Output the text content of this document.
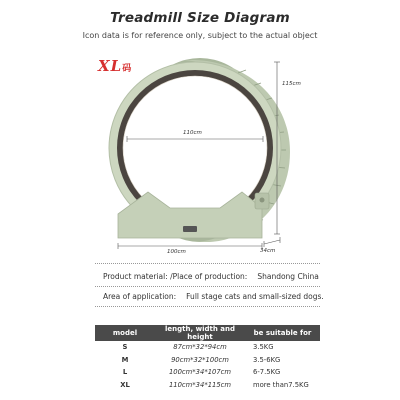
Treadmill Size Diagram
Icon data is for reference only, subject to the actual object
XL码
110cm
115cm
100cm	34cm
Product material: /Place of production: Shandong China
Area of application: Full stage cats and small-sized dogs.
model	length, width and height	be suitable for
S	87cm*32*94cm	3.5KG
M	90cm*32*100cm	3.5-6KG
L	100cm*34*107cm	6-7.5KG
XL	110cm*34*115cm	more than7.5KG
